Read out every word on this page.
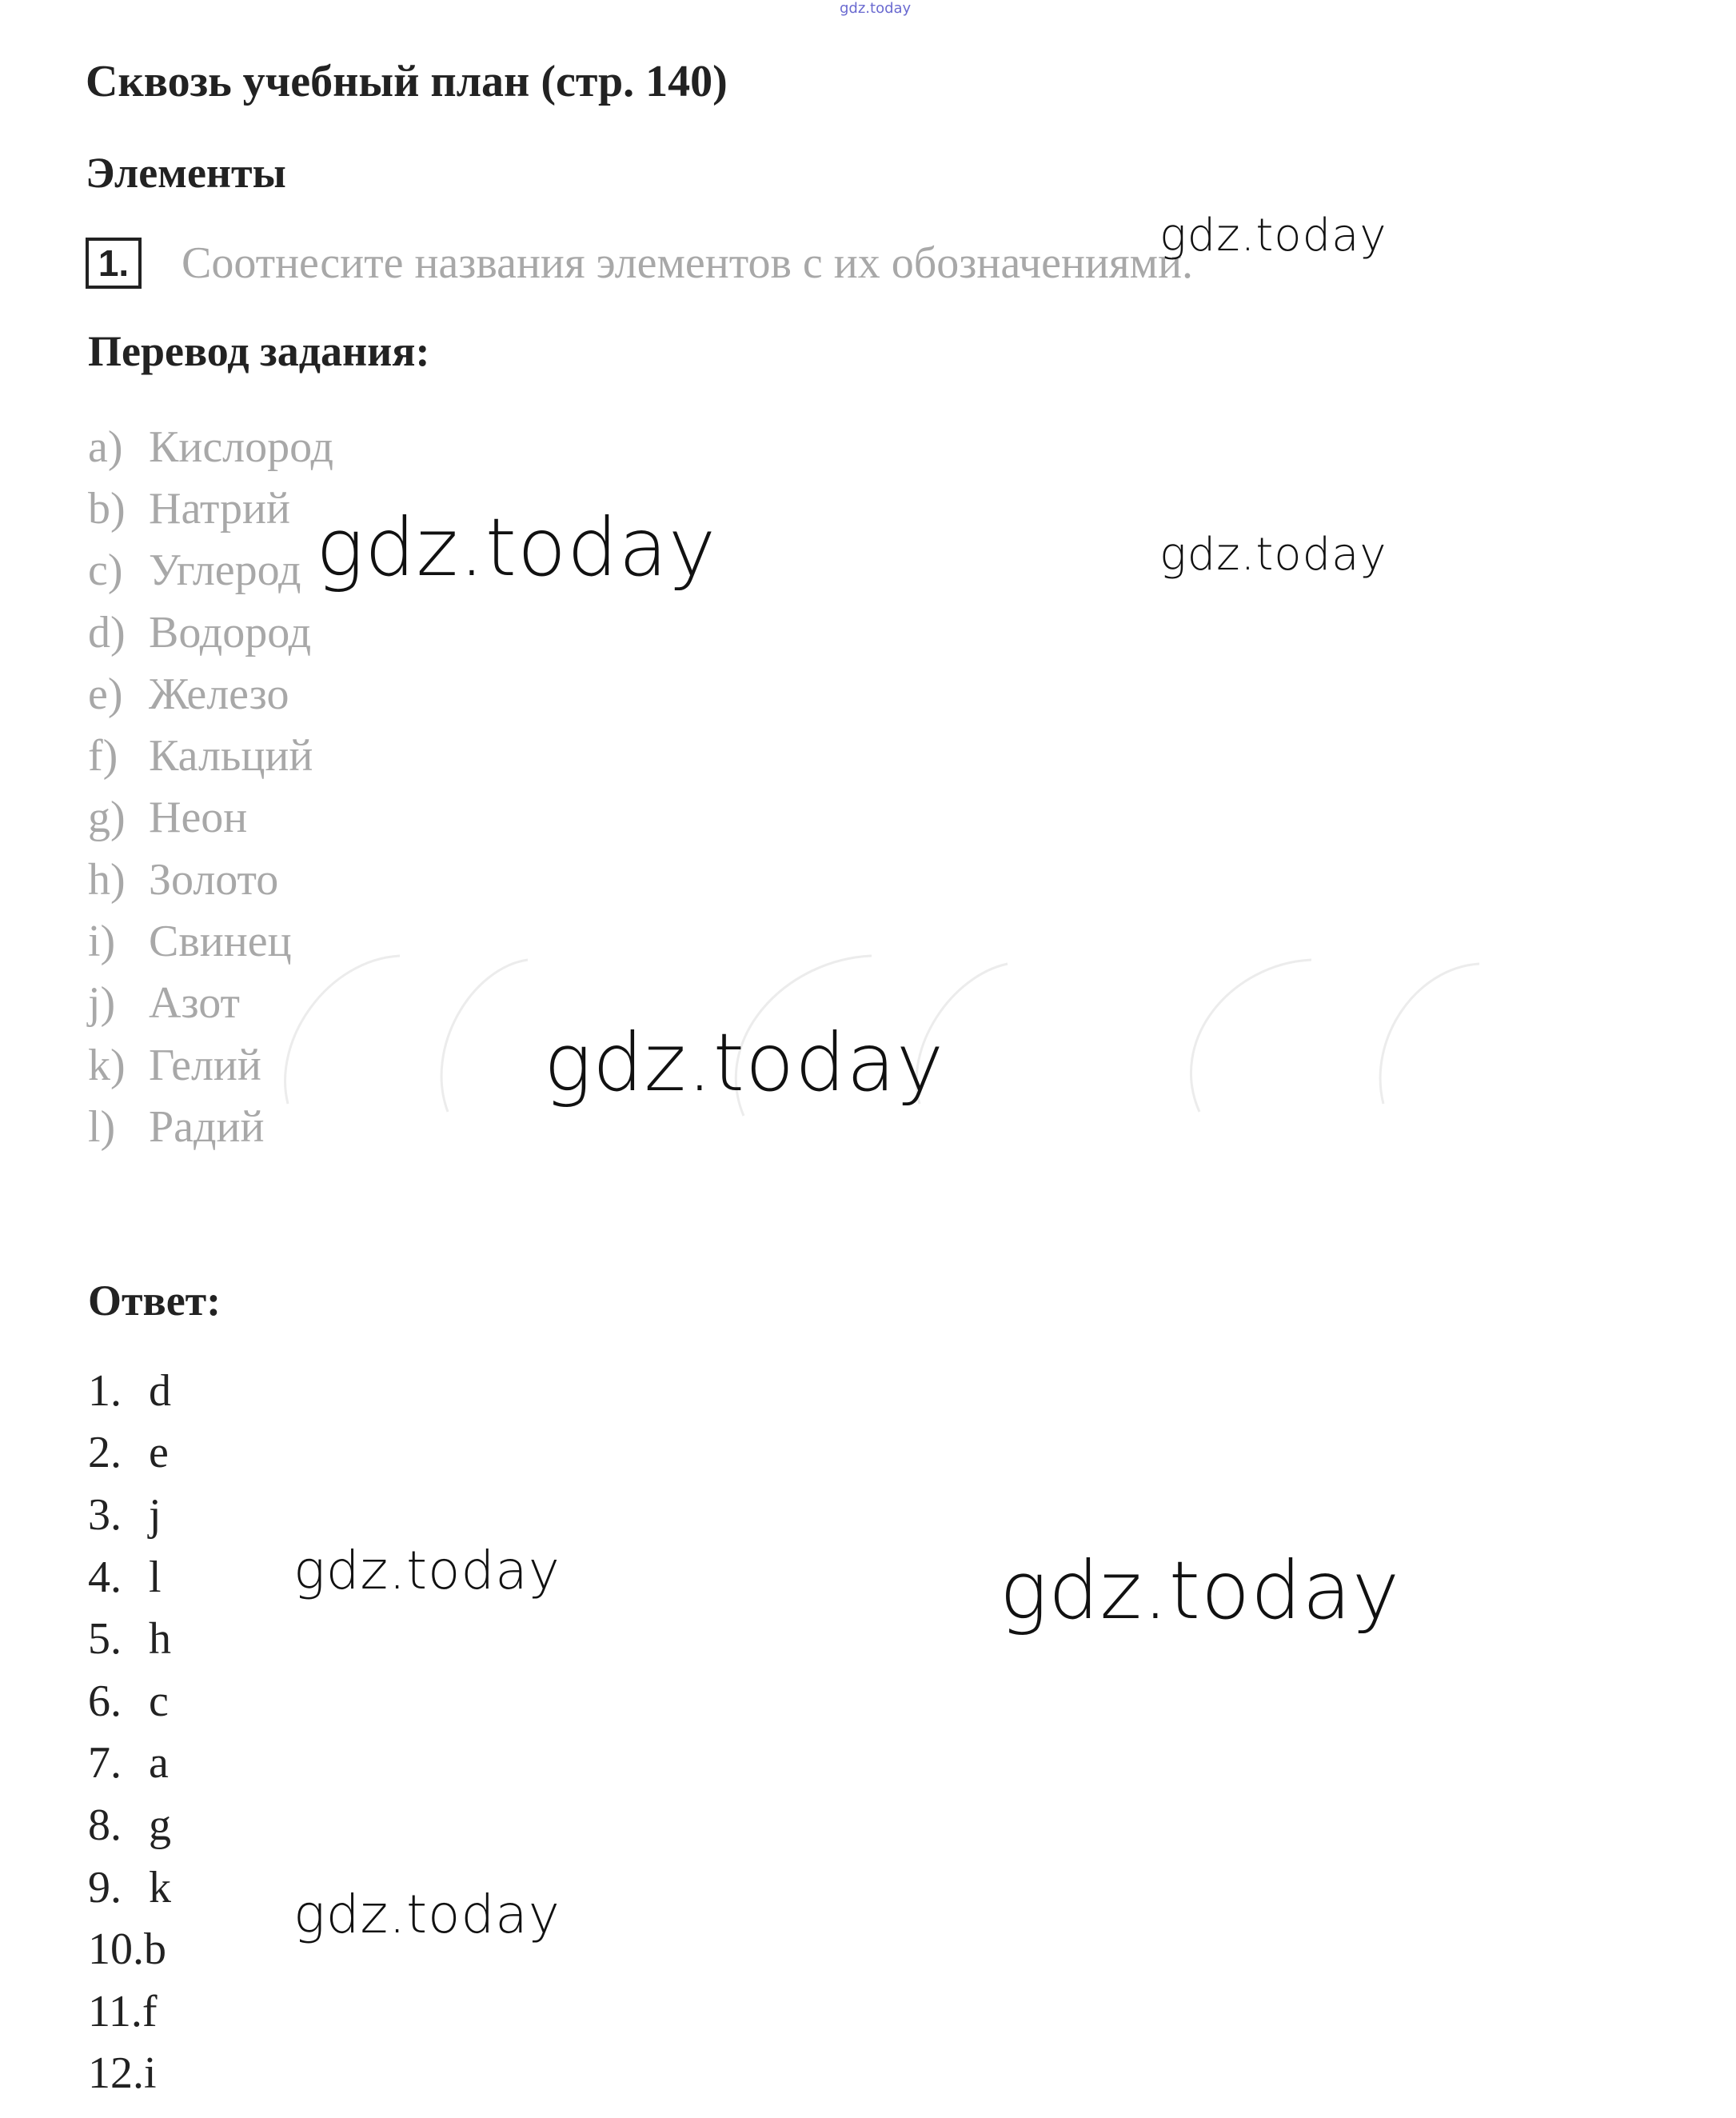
gdz.today
Сквозь учебный план (стр. 140)
Элементы
1. Соотнесите названия элементов с их обозначениями.
Перевод задания:
a) Кислород
b) Натрий
c) Углерод
d) Водород
e) Железо
f) Кальций
g) Неон
h) Золото
i) Свинец
j) Азот
k) Гелий
l) Радий
Ответ:
1. d
2. e
3. j
4. l
5. h
6. c
7. a
8. g
9. k
10. b
11. f
12. i
gdz.today
gdz.today	gdz.today
gdz.today
gdz.today	gdz.today
gdz.today
